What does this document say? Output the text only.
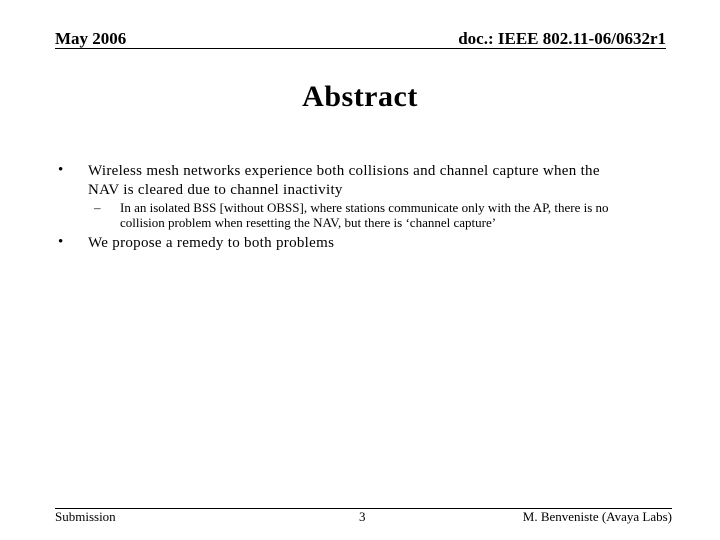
May 2006	doc.: IEEE 802.11-06/0632r1
Abstract
• Wireless mesh networks experience both collisions and channel capture when the
NAV is cleared due to channel inactivity
– In an isolated BSS [without OBSS], where stations communicate only with the AP, there is no
collision problem when resetting the NAV, but there is ‘channel capture’
• We propose a remedy to both problems
Submission	3	M. Benveniste (Avaya Labs)
